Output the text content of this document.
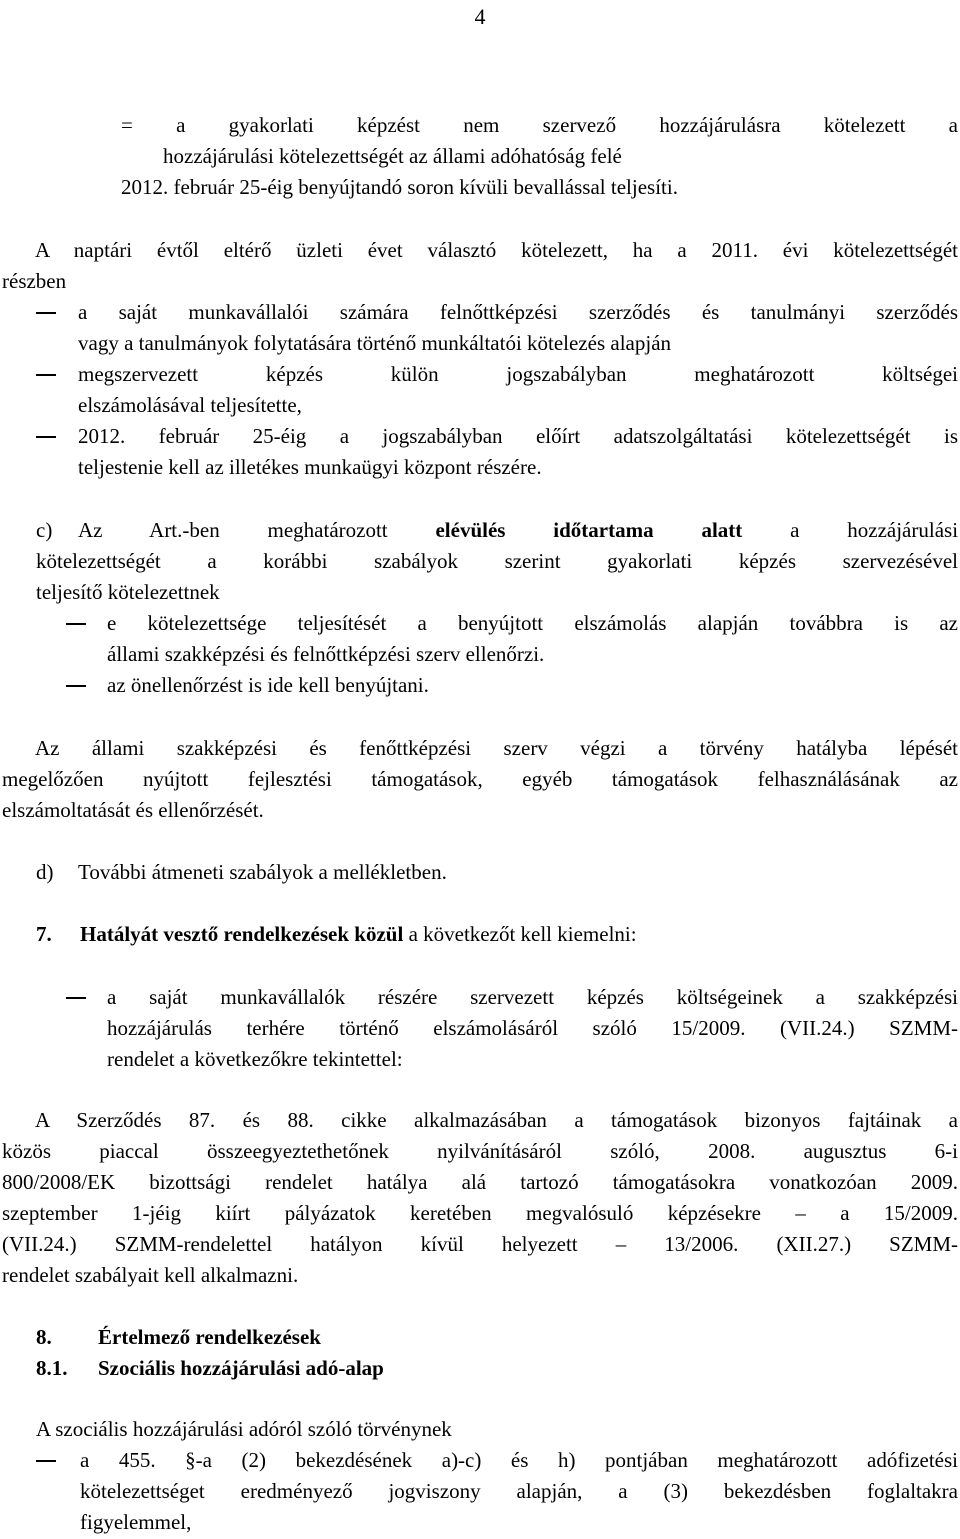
4
= a gyakorlati képzést nem szervező hozzájárulásra kötelezett a
hozzájárulási kötelezettségét az állami adóhatóság felé
2012. február 25-éig benyújtandó soron kívüli bevallással teljesíti.
A naptári évtől eltérő üzleti évet választó kötelezett, ha a 2011. évi kötelezettségét
részben
a saját munkavállalói számára felnőttképzési szerződés és tanulmányi szerződés
vagy a tanulmányok folytatására történő munkáltatói kötelezés alapján
megszervezett képzés külön jogszabályban meghatározott költségei
elszámolásával teljesítette,
2012. február 25-éig a jogszabályban előírt adatszolgáltatási kötelezettségét is
teljestenie kell az illetékes munkaügyi központ részére.
c) Az Art.-ben meghatározott elévülés időtartama alatt a hozzájárulási
kötelezettségét a korábbi szabályok szerint gyakorlati képzés szervezésével
teljesítő kötelezettnek
e kötelezettsége teljesítését a benyújtott elszámolás alapján továbbra is az
állami szakképzési és felnőttképzési szerv ellenőrzi.
az önellenőrzést is ide kell benyújtani.
Az állami szakképzési és fenőttképzési szerv végzi a törvény hatályba lépését
megelőzően nyújtott fejlesztési támogatások, egyéb támogatások felhasználásának az
elszámoltatását és ellenőrzését.
d) További átmeneti szabályok a mellékletben.
7. Hatályát vesztő rendelkezések közül a következőt kell kiemelni:
a saját munkavállalók részére szervezett képzés költségeinek a szakképzési
hozzájárulás terhére történő elszámolásáról szóló 15/2009. (VII.24.) SZMM-
rendelet a következőkre tekintettel:
A Szerződés 87. és 88. cikke alkalmazásában a támogatások bizonyos fajtáinak a
közös piaccal összeegyeztethetőnek nyilvánításáról szóló, 2008. augusztus 6-i
800/2008/EK bizottsági rendelet hatálya alá tartozó támogatásokra vonatkozóan 2009.
szeptember 1-jéig kiírt pályázatok keretében megvalósuló képzésekre – a 15/2009.
(VII.24.) SZMM-rendelettel hatályon kívül helyezett – 13/2006. (XII.27.) SZMM-
rendelet szabályait kell alkalmazni.
8. Értelmező rendelkezések
8.1. Szociális hozzájárulási adó-alap
A szociális hozzájárulási adóról szóló törvénynek
a 455. §-a (2) bekezdésének a)-c) és h) pontjában meghatározott adófizetési
kötelezettséget eredményező jogviszony alapján, a (3) bekezdésben foglaltakra
figyelemmel,
